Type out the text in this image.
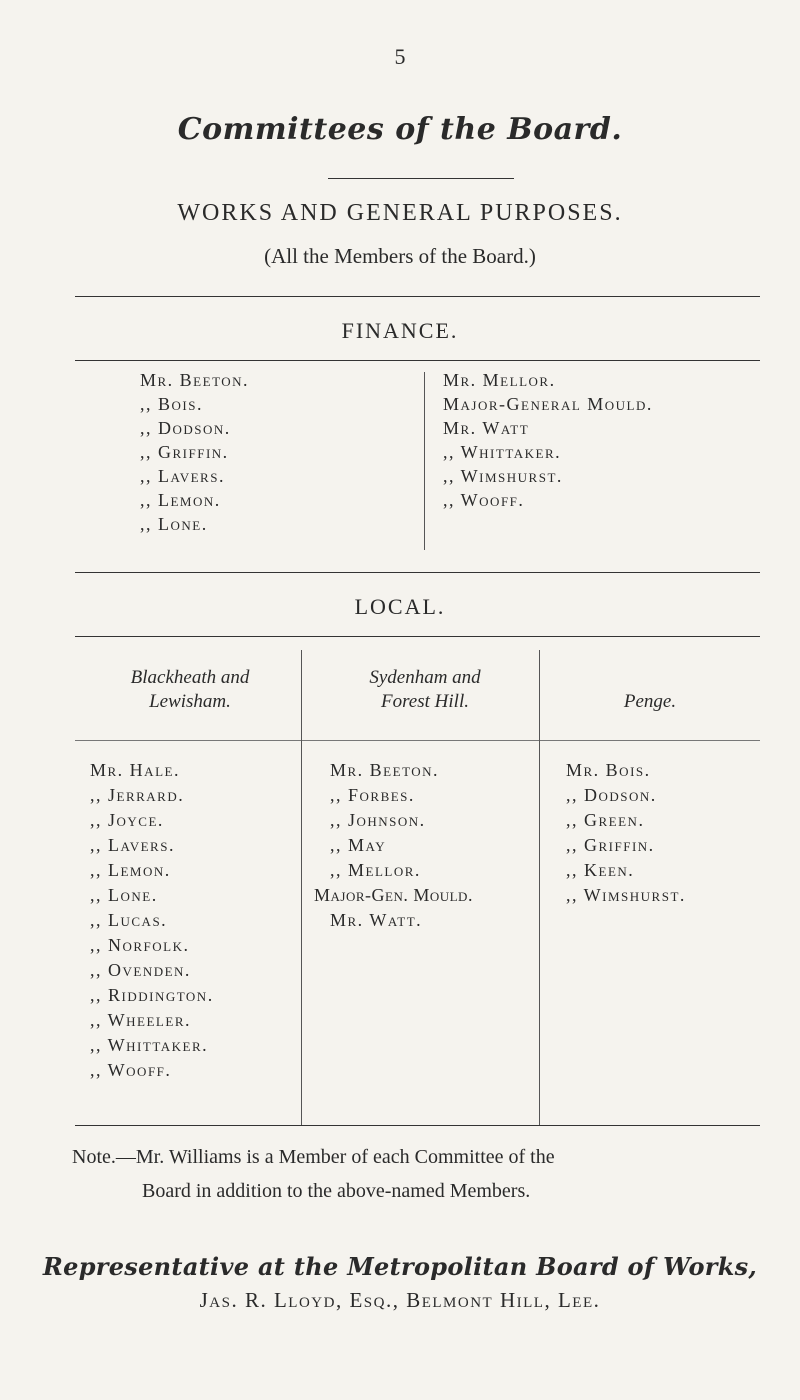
5
Committees of the Board.
WORKS AND GENERAL PURPOSES.
(All the Members of the Board.)
FINANCE.
Mr. Beeton.
,, Bois.
,, Dodson.
,, Griffin.
,, Lavers.
,, Lemon.
,, Lone.
Mr. Mellor.
Major-General Mould.
Mr. Watt
,, Whittaker.
,, Wimshurst.
,, Wooff.
LOCAL.
Blackheath and
Lewisham.
Sydenham and
Forest Hill.	Penge.
Mr. Hale.
,, Jerrard.
,, Joyce.
,, Lavers.
,, Lemon.
,, Lone.
,, Lucas.
,, Norfolk.
,, Ovenden.
,, Riddington.
,, Wheeler.
,, Whittaker.
,, Wooff.
Mr. Beeton.
,, Forbes.
,, Johnson.
,, May
,, Mellor.
Major-Gen. Mould.
Mr. Watt.
Mr. Bois.
,, Dodson.
,, Green.
,, Griffin.
,, Keen.
,, Wimshurst.
Note.—Mr. Williams is a Member of each Committee of the
Board in addition to the above-named Members.
Representative at the Metropolitan Board of Works,
Jas. R. Lloyd, Esq., Belmont Hill, Lee.
